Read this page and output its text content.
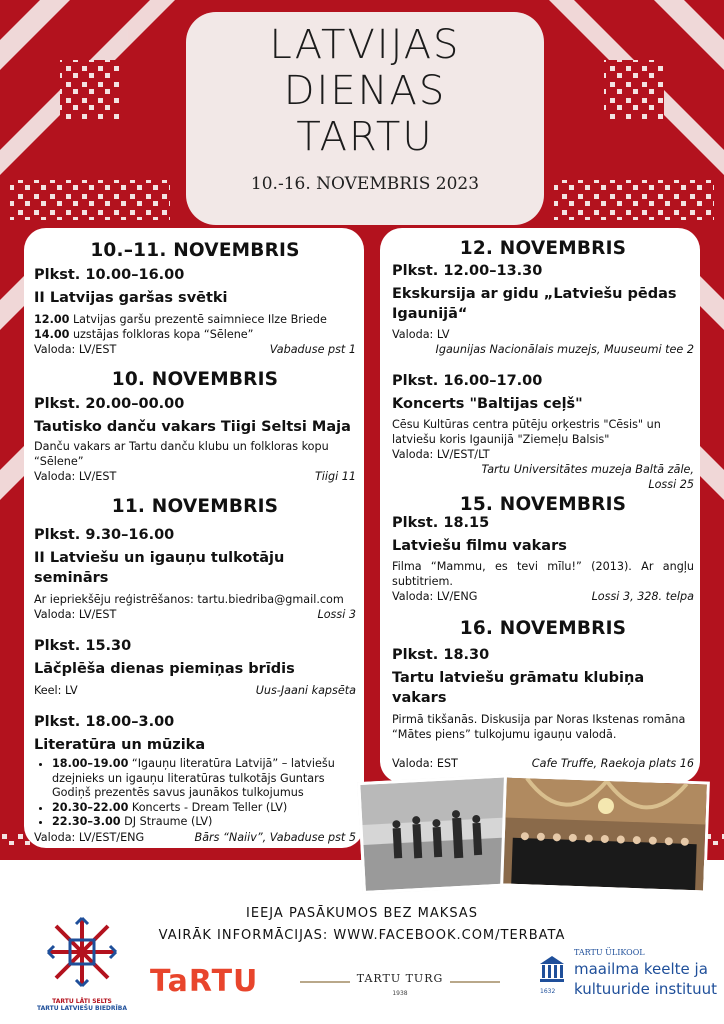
LATVIJAS
DIENAS
TARTU
10.-16. NOVEMBRIS 2023
10.–11. NOVEMBRIS
Plkst. 10.00–16.00
II Latvijas garšas svētki
12.00 Latvijas garšu prezentē saimniece Ilze Briede
14.00 uzstājas folkloras kopa “Sēlene”
Valoda: LV/EST	Vabaduse pst 1
10. NOVEMBRIS
Plkst. 20.00–00.00
Tautisko danču vakars Tiigi Seltsi Maja
Danču vakars ar Tartu danču klubu un folkloras kopu “Sēlene”
Valoda: LV/EST	Tiigi 11
11. NOVEMBRIS
Plkst. 9.30–16.00
II Latviešu un igauņu tulkotāju seminārs
Ar iepriekšēju reģistrēšanos: tartu.biedriba@gmail.com
Valoda: LV/EST	Lossi 3
Plkst. 15.30
Lāčplēša dienas piemiņas brīdis
Keel: LV	Uus-Jaani kapsēta
Plkst. 18.00–3.00
Literatūra un mūzika
• 18.00–19.00 “Igauņu literatūra Latvijā” – latviešu dzejnieks un igauņu literatūras tulkotājs Guntars Godiņš prezentēs savus jaunākos tulkojumus
• 20.30–22.00 Koncerts - Dream Teller (LV)
• 22.30–3.00 DJ Straume (LV)
Valoda: LV/EST/ENG	Bārs “Naiiv”, Vabaduse pst 5
12. NOVEMBRIS
Plkst. 12.00–13.30
Ekskursija ar gidu „Latviešu pēdas Igaunijā“
Valoda: LV
Igaunijas Nacionālais muzejs, Muuseumi tee 2
Plkst. 16.00–17.00
Koncerts "Baltijas ceļš"
Cēsu Kultūras centra pūtēju orķestris "Cēsis" un latviešu koris Igaunijā "Ziemeļu Balsis"
Valoda: LV/EST/LT
Tartu Universitātes muzeja Baltā zāle,
Lossi 25
15. NOVEMBRIS
Plkst. 18.15
Latviešu filmu vakars
Filma “Mammu, es tevi mīlu!” (2013). Ar angļu subtitriem.
Valoda: LV/ENG	Lossi 3, 328. telpa
16. NOVEMBRIS
Plkst. 18.30
Tartu latviešu grāmatu klubiņa vakars
Pirmā tikšanās. Diskusija par Noras Ikstenas romāna “Mātes piens” tulkojumu igauņu valodā.
Valoda: EST	Cafe Truffe, Raekoja plats 16
IEEJA PASĀKUMOS BEZ MAKSAS
VAIRĀK INFORMĀCIJAS: WWW.FACEBOOK.COM/TERBATA
TARTU LĀTI SELTS
TARTU LATVIEŠU BIEDRĪBA
TaRTU	TARTU TURG
1938	1632
TARTU ÜLIKOOL
maailma keelte ja
kultuuride instituut
